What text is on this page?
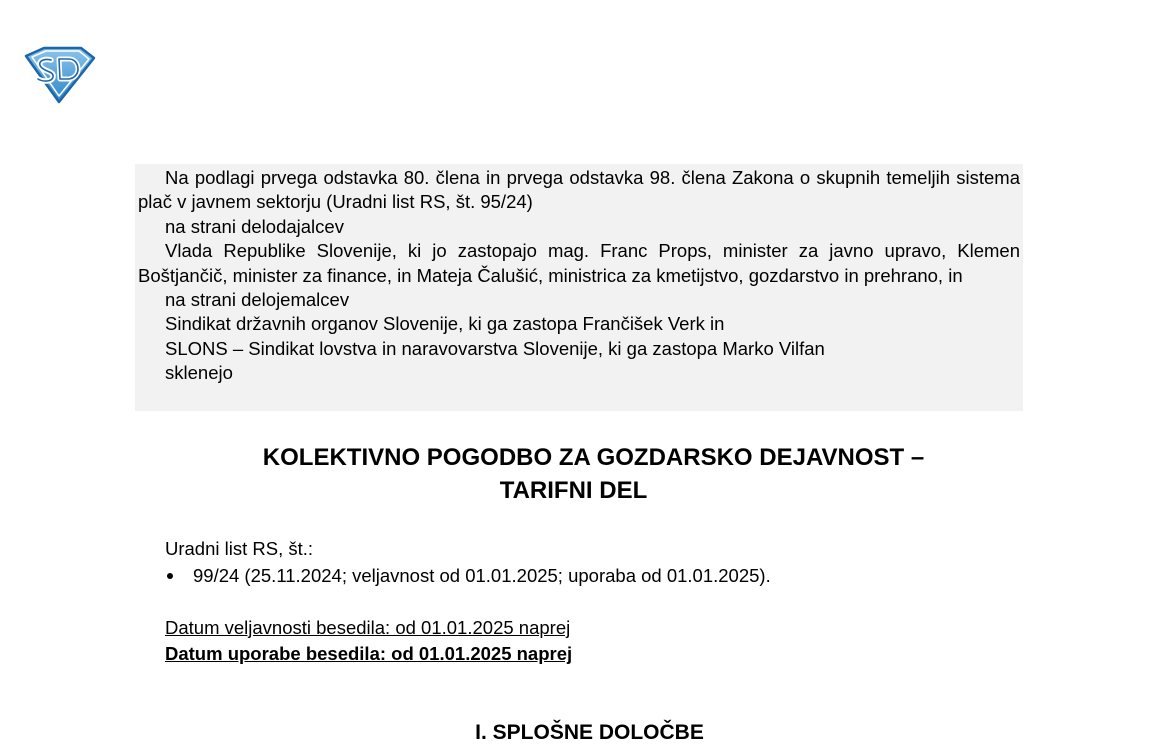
Na podlagi prvega odstavka 80. člena in prvega odstavka 98. člena Zakona o skupnih temeljih sistema plač v javnem sektorju (Uradni list RS, št. 95/24)

na strani delodajalcev

Vlada Republike Slovenije, ki jo zastopajo mag. Franc Props, minister za javno upravo, Klemen Boštjančič, minister za finance, in Mateja Čalušić, ministrica za kmetijstvo, gozdarstvo in prehrano, in

na strani delojemalcev

Sindikat državnih organov Slovenije, ki ga zastopa Frančišek Verk in

SLONS – Sindikat lovstva in naravovarstva Slovenije, ki ga zastopa Marko Vilfan

sklenejo

KOLEKTIVNO POGODBO ZA GOZDARSKO DEJAVNOST –
TARIFNI DEL
Uradni list RS, št.:
99/24 (25.11.2024; veljavnost od 01.01.2025; uporaba od 01.01.2025).
Datum veljavnosti besedila: od 01.01.2025 naprej
Datum uporabe besedila: od 01.01.2025 naprej
I. SPLOŠNE DOLOČBE
